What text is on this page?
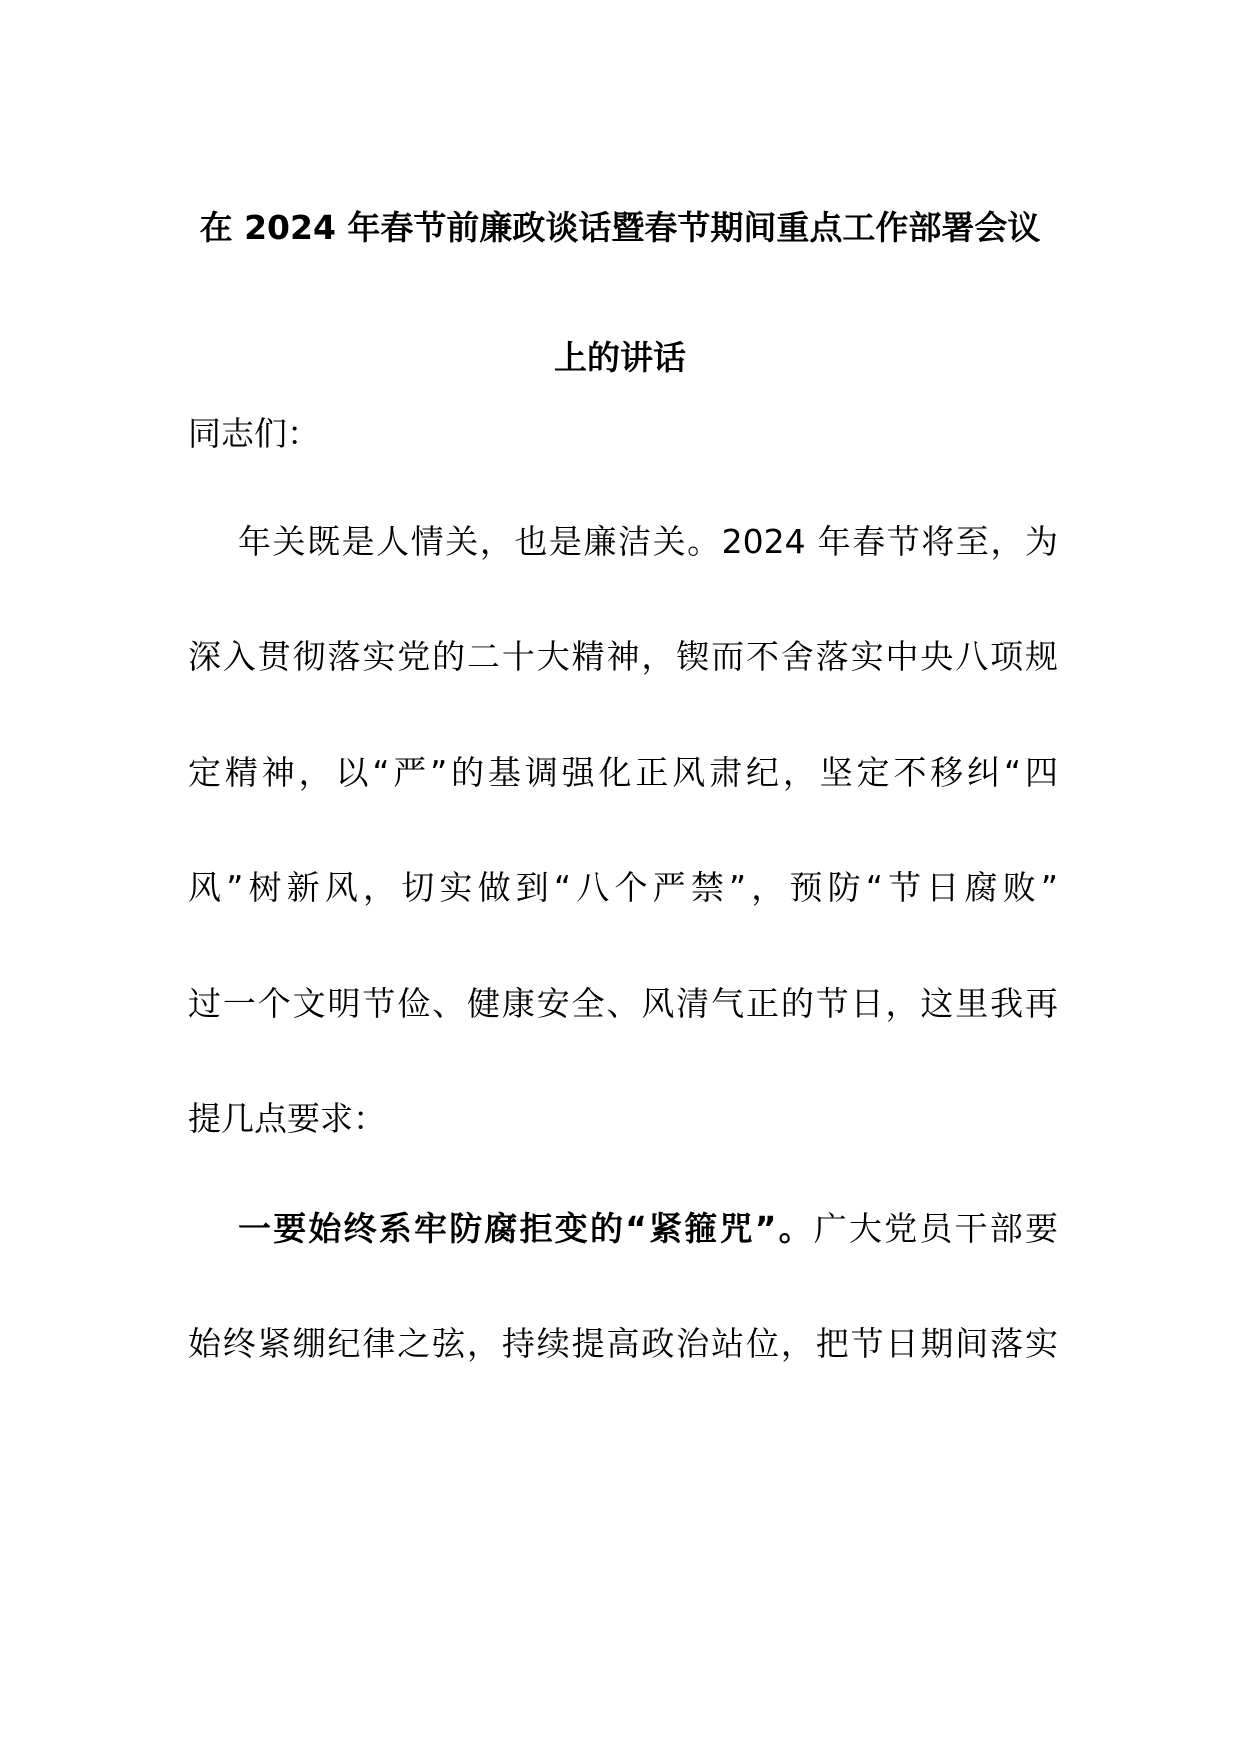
在 2024 年春节前廉政谈话暨春节期间重点工作部署会议
上的讲话
同志们：
年关既是人情关，也是廉洁关。2024 年春节将至，为
深入贯彻落实党的二十大精神，锲而不舍落实中央八项规
定精神，以“严”的基调强化正风肃纪，坚定不移纠“四
风”树新风，切实做到“八个严禁”，预防“节日腐败”
过一个文明节俭、健康安全、风清气正的节日，这里我再
提几点要求：
一要始终系牢防腐拒变的“紧箍咒”。广大党员干部要
始终紧绷纪律之弦，持续提高政治站位，把节日期间落实
